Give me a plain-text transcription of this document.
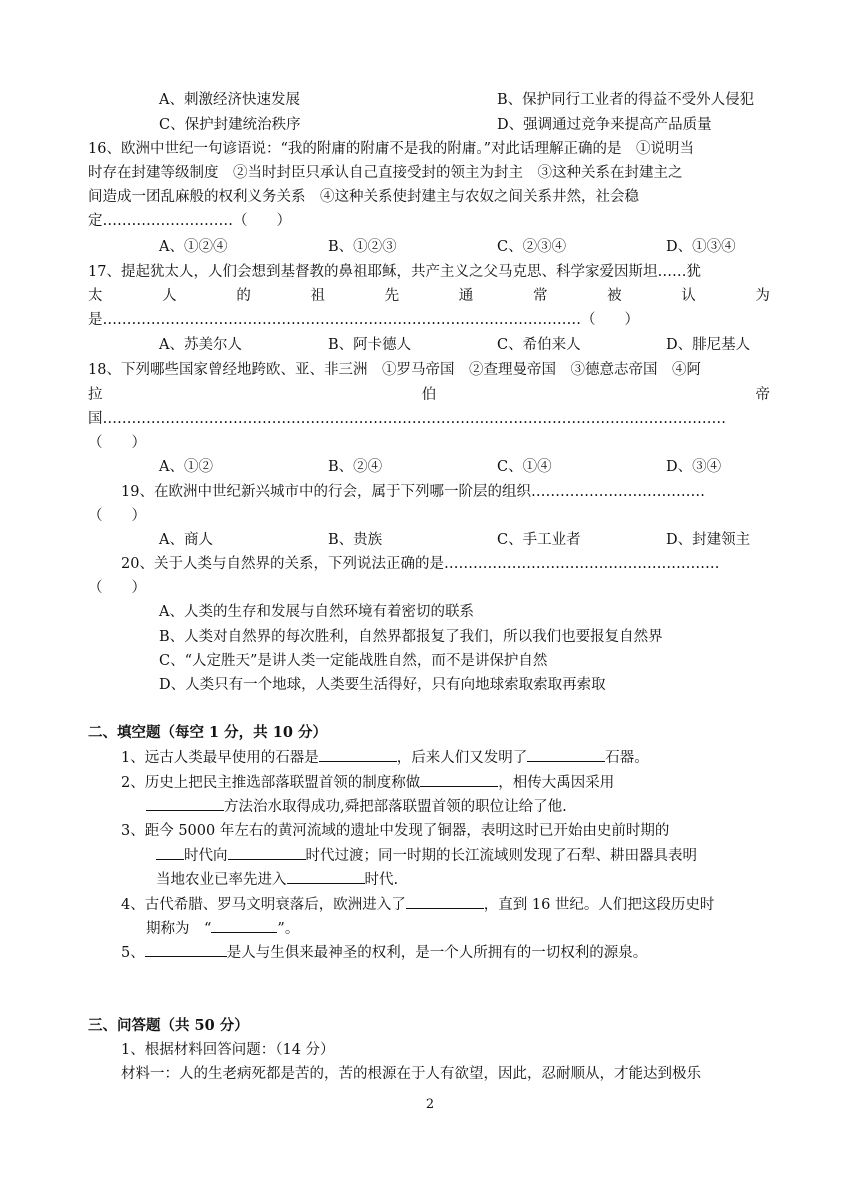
A、刺激经济快速发展	B、保护同行工业者的得益不受外人侵犯
C、保护封建统治秩序	D、强调通过竞争来提高产品质量
16、欧洲中世纪一句谚语说：“我的附庸的附庸不是我的附庸。”对此话理解正确的是　①说明当
时存在封建等级制度　②当时封臣只承认自己直接受封的领主为封主　③这种关系在封建主之
间造成一团乱麻般的权利义务关系　④这种关系使封建主与农奴之间关系井然，社会稳
定………………………（　　）
A、①②④	B、①②③	C、②③④	D、①③④
17、提起犹太人，人们会想到基督教的鼻祖耶稣，共产主义之父马克思、科学家爱因斯坦……犹
太	人	的	祖	先	通	常	被	认	为
是………………………………………………………………………………………（　　）
A、苏美尔人	B、阿卡德人	C、希伯来人	D、腓尼基人
18、下列哪些国家曾经地跨欧、亚、非三洲　①罗马帝国　②查理曼帝国　③德意志帝国　④阿
拉	伯	帝
国…………………………………………………………………………………………………………………
（　　）
A、①②	B、②④	C、①④	D、③④
19、在欧洲中世纪新兴城市中的行会，属于下列哪一阶层的组织………………………………
（　　）
A、商人	B、贵族	C、手工业者	D、封建领主
20、关于人类与自然界的关系，下列说法正确的是…………………………………………………
（　　）
A、人类的生存和发展与自然环境有着密切的联系
B、人类对自然界的每次胜利，自然界都报复了我们，所以我们也要报复自然界
C、“人定胜天”是讲人类一定能战胜自然，而不是讲保护自然
D、人类只有一个地球，人类要生活得好，只有向地球索取索取再索取
二、填空题（每空 1 分，共 10 分）
1、远古人类最早使用的石器是	，后来人们又发明了	石器。
2、历史上把民主推选部落联盟首领的制度称做	，相传大禹因采用
方法治水取得成功,舜把部落联盟首领的职位让给了他.
3、距今 5000 年左右的黄河流域的遗址中发现了铜器，表明这时已开始由史前时期的
时代向	时代过渡；同一时期的长江流域则发现了石犁、耕田器具表明
当地农业已率先进入	时代.
4、古代希腊、罗马文明衰落后，欧洲进入了	，直到 16 世纪。人们把这段历史时
期称为　“	”。
5、	是人与生俱来最神圣的权利，是一个人所拥有的一切权利的源泉。
三、问答题（共 50 分）
1、根据材料回答问题：（14 分）
材料一：人的生老病死都是苦的，苦的根源在于人有欲望，因此，忍耐顺从，才能达到极乐
2
